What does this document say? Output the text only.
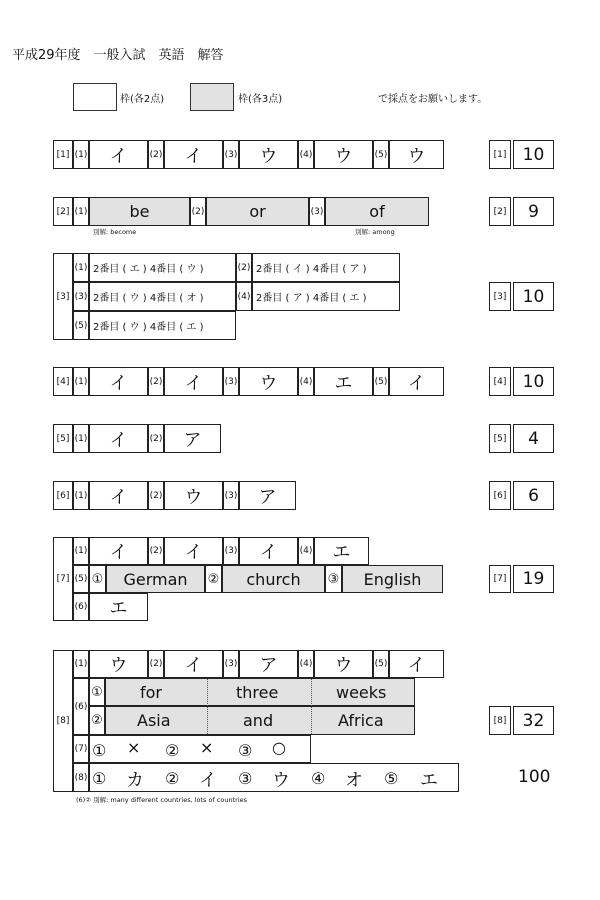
平成29年度　一般入試　英語　解答
枠(各2点)	枠(各3点)	で採点をお願いします。
[1] (1)	イ	(2)	イ	(3)	ウ	(4)	ウ	(5)	ウ	[1] 10
[2] (1)	be	(2)	or	(3)	of
別解: become	別解: among
[2]	9
[3]
(1) 2番目 ( エ ) 4番目 ( ウ )	(2) 2番目 ( イ ) 4番目 ( ア )
(3) 2番目 ( ウ ) 4番目 ( オ )	(4) 2番目 ( ア ) 4番目 ( エ )
(5) 2番目 ( ウ ) 4番目 ( エ )
[3] 10
[4] (1)	イ	(2)	イ	(3)	ウ	(4)	エ	(5)	イ	[4] 10
[5] (1)	イ	(2)	ア	[5]	4
[6] (1)	イ	(2)	ウ	(3)	ア	[6]	6
[7]
(1)	イ	(2)	イ	(3)	イ	(4)	エ
(5) ①	German	②	church	③	English
(6)	エ
[7] 19
[8]
(1)	ウ	(2)	イ	(3)	ア	(4)	ウ	(5)	イ
(6)
① for	three	weeks
② Asia	and	Africa
(7) ① × ② × ③ ○
(8) ① カ ② イ ③ ウ ④ オ ⑤ エ
(6)② 別解: many different countries, lots of countries
[8] 32
100
